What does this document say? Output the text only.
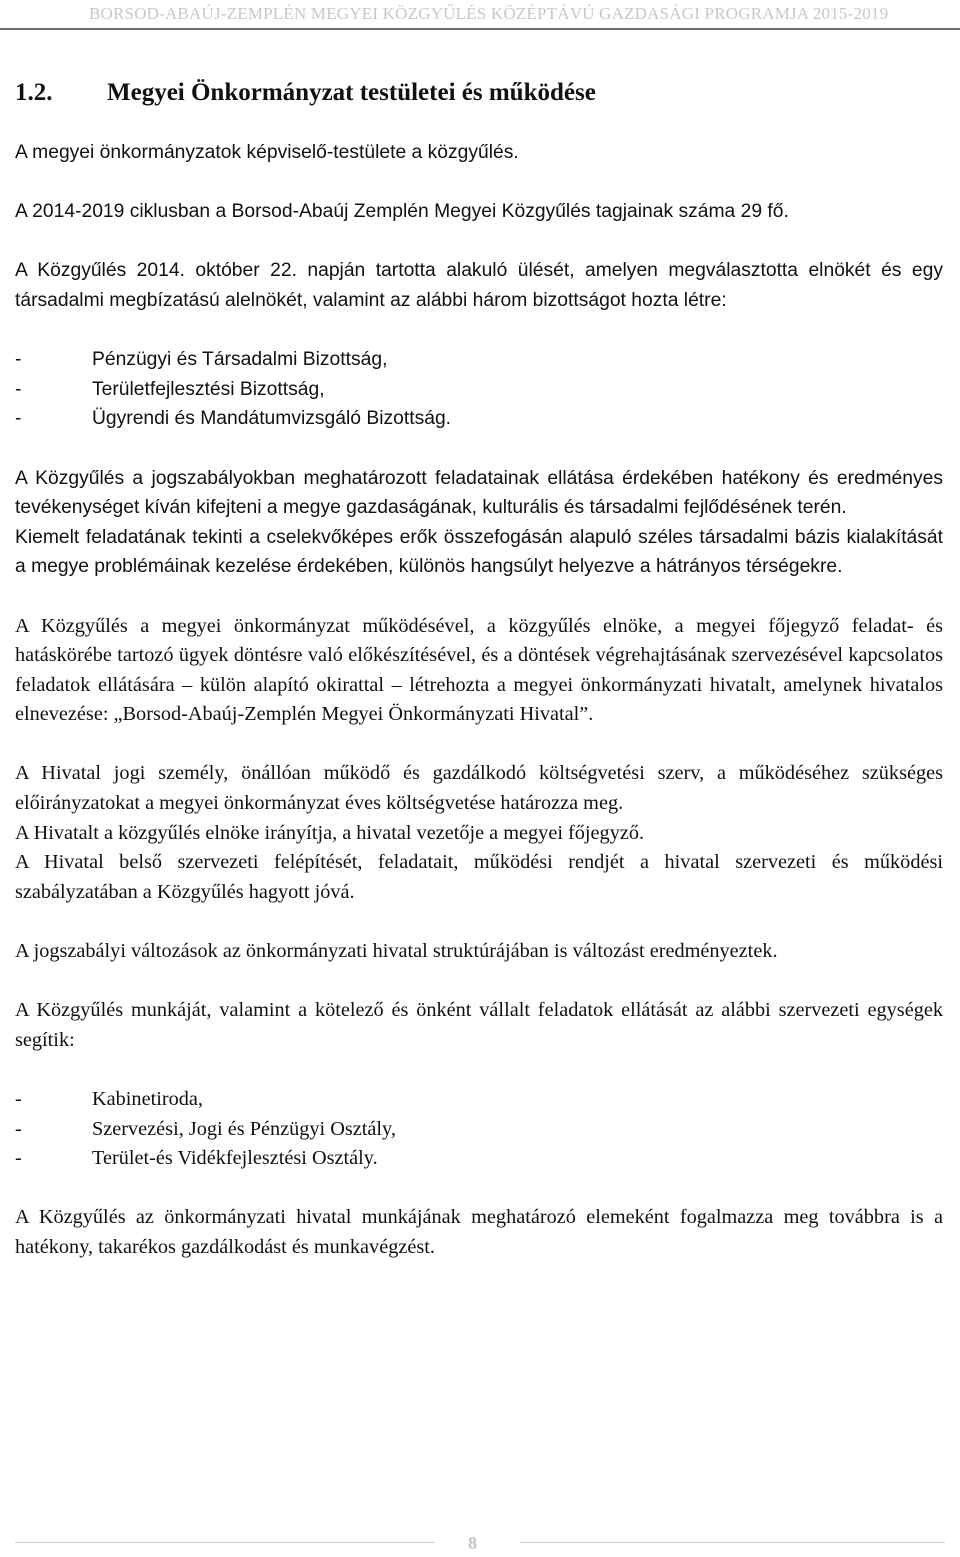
BORSOD-ABAÚJ-ZEMPLÉN MEGYEI KÖZGYŰLÉS KÖZÉPTÁVÚ GAZDASÁGI PROGRAMJA 2015-2019
1.2. Megyei Önkormányzat testületei és működése

A megyei önkormányzatok képviselő-testülete a közgyűlés.

A 2014-2019 ciklusban a Borsod-Abaúj Zemplén Megyei Közgyűlés tagjainak száma 29 fő.

A Közgyűlés 2014. október 22. napján tartotta alakuló ülését, amelyen megválasztotta elnökét és egy társadalmi megbízatású alelnökét, valamint az alábbi három bizottságot hozta létre:

-	Pénzügyi és Társadalmi Bizottság,
-	Területfejlesztési Bizottság,
-	Ügyrendi és Mandátumvizsgáló Bizottság.

A Közgyűlés a jogszabályokban meghatározott feladatainak ellátása érdekében hatékony és eredményes tevékenységet kíván kifejteni a megye gazdaságának, kulturális és társadalmi fejlődésének terén.

Kiemelt feladatának tekinti a cselekvőképes erők összefogásán alapuló széles társadalmi bázis kialakítását a megye problémáinak kezelése érdekében, különös hangsúlyt helyezve a hátrányos térségekre.

A Közgyűlés a megyei önkormányzat működésével, a közgyűlés elnöke, a megyei főjegyző feladat- és hatáskörébe tartozó ügyek döntésre való előkészítésével, és a döntések végrehajtásának szervezésével kapcsolatos feladatok ellátására – külön alapító okirattal – létrehozta a megyei önkormányzati hivatalt, amelynek hivatalos elnevezése: „Borsod-Abaúj-Zemplén Megyei Önkormányzati Hivatal”.

A Hivatal jogi személy, önállóan működő és gazdálkodó költségvetési szerv, a működéséhez szükséges előirányzatokat a megyei önkormányzat éves költségvetése határozza meg.

A Hivatalt a közgyűlés elnöke irányítja, a hivatal vezetője a megyei főjegyző.

A Hivatal belső szervezeti felépítését, feladatait, működési rendjét a hivatal szervezeti és működési szabályzatában a Közgyűlés hagyott jóvá.

A jogszabályi változások az önkormányzati hivatal struktúrájában is változást eredményeztek.

A Közgyűlés munkáját, valamint a kötelező és önként vállalt feladatok ellátását az alábbi szervezeti egységek segítik:

-	Kabinetiroda,
-	Szervezési, Jogi és Pénzügyi Osztály,
-	Terület-és Vidékfejlesztési Osztály.

A Közgyűlés az önkormányzati hivatal munkájának meghatározó elemeként fogalmazza meg továbbra is a hatékony, takarékos gazdálkodást és munkavégzést.

8
